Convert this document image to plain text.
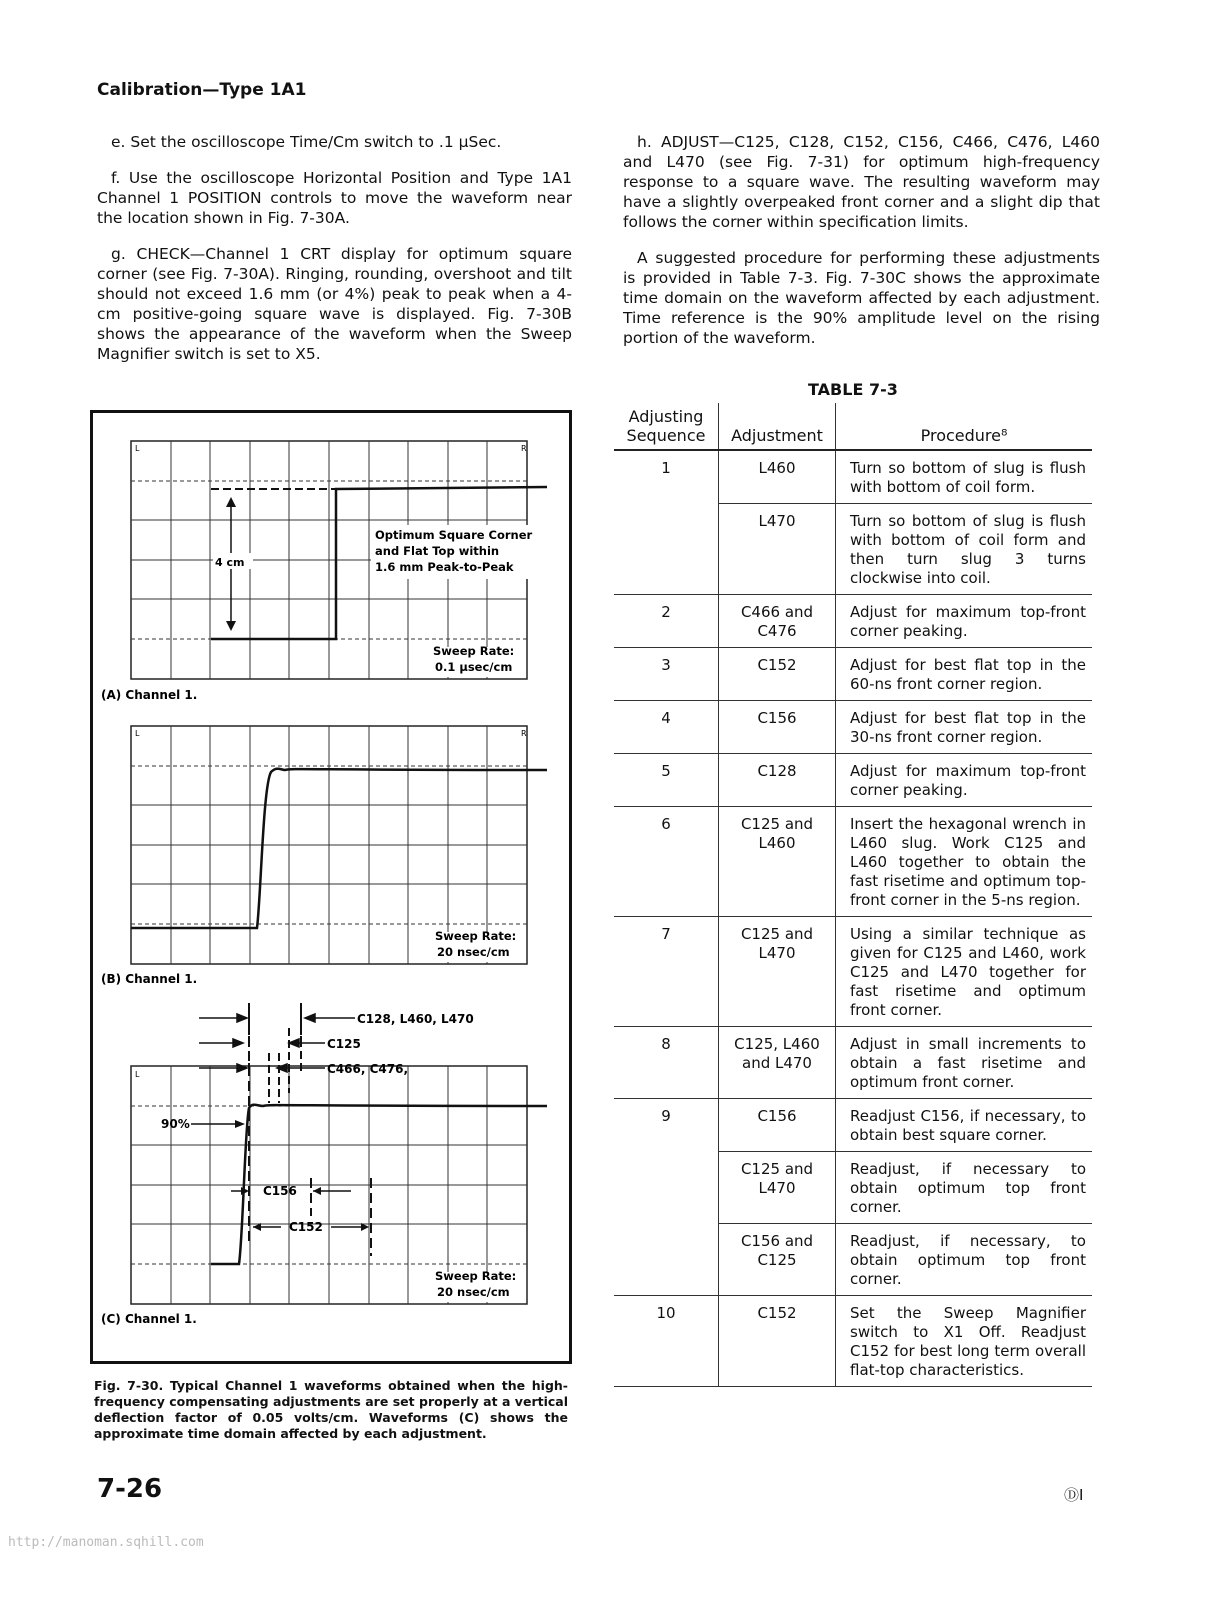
Calibration—Type 1A1

e. Set the oscilloscope Time/Cm switch to .1 μSec.

f. Use the oscilloscope Horizontal Position and Type 1A1 Channel 1 POSITION controls to move the waveform near the location shown in Fig. 7-30A.

g. CHECK—Channel 1 CRT display for optimum square corner (see Fig. 7-30A). Ringing, rounding, overshoot and tilt should not exceed 1.6 mm (or 4%) peak to peak when a 4-cm positive-going square wave is displayed. Fig. 7-30B shows the appearance of the waveform when the Sweep Magnifier switch is set to X5.

h. ADJUST—C125, C128, C152, C156, C466, C476, L460 and L470 (see Fig. 7-31) for optimum high-frequency response to a square wave. The resulting waveform may have a slightly overpeaked front corner and a slight dip that follows the corner within specification limits.

A suggested procedure for performing these adjustments is provided in Table 7-3. Fig. 7-30C shows the approximate time domain on the waveform affected by each adjustment. Time reference is the 90% amplitude level on the rising portion of the waveform.

TABLE 7-3
Adjusting Sequence	Adjustment	Procedure⁸
1	L460	Turn so bottom of slug is flush with bottom of coil form.
	L470	Turn so bottom of slug is flush with bottom of coil form and then turn slug 3 turns clockwise into coil.
2	C466 and C476	Adjust for maximum top-front corner peaking.
3	C152	Adjust for best flat top in the 60-ns front corner region.
4	C156	Adjust for best flat top in the 30-ns front corner region.
5	C128	Adjust for maximum top-front corner peaking.
6	C125 and L460	Insert the hexagonal wrench in L460 slug. Work C125 and L460 together to obtain the fast risetime and optimum top-front corner in the 5-ns region.
7	C125 and L470	Using a similar technique as given for C125 and L460, work C125 and L470 together for fast risetime and optimum front corner.
8	C125, L460 and L470	Adjust in small increments to obtain a fast risetime and optimum front corner.
9	C156	Readjust C156, if necessary, to obtain best square corner.
	C125 and L470	Readjust, if necessary to obtain optimum top front corner.
	C156 and C125	Readjust, if necessary, to obtain optimum top front corner.
10	C152	Set the Sweep Magnifier switch to X1 Off. Readjust C152 for best long term overall flat-top characteristics.
L	R
4 cm
Optimum Square Corner
and Flat Top within
1.6 mm Peak-to-Peak
Sweep Rate:
0.1 μsec/cm
(A) Channel 1.
L	R
Sweep Rate:
20 nsec/cm
(B) Channel 1.
C128, L460, L470
C125
C466, C476,
L
90%
C156
C152
Sweep Rate:
20 nsec/cm
(C) Channel 1.
Fig. 7-30. Typical Channel 1 waveforms obtained when the high-frequency compensating adjustments are set properly at a vertical deflection factor of 0.05 volts/cm. Waveforms (C) shows the approximate time domain affected by each adjustment.
7-26	ⒹⅠ
http://manoman.sqhill.com
